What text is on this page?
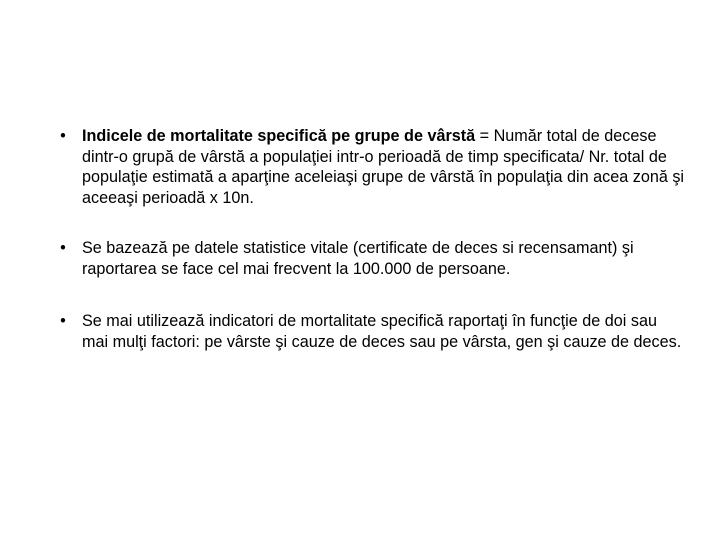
• Indicele de mortalitate specifică pe grupe de vârstă = Număr total de decese dintr‑o grupă de vârstă a populaţiei intr-o perioadă de timp specificata/ Nr. total de populaţie estimată a aparţine aceleiaşi grupe de vârstă în populaţia din acea zonă şi aceeaşi perioadă x 10n.
• Se bazează pe datele statistice vitale (certificate de deces si recensamant) şi raportarea se face cel mai frecvent la 100.000 de persoane.
• Se mai utilizează indicatori de mortalitate specifică raportaţi în funcţie de doi sau mai mulţi factori: pe vârste şi cauze de deces sau pe vârsta, gen şi cauze de deces.
